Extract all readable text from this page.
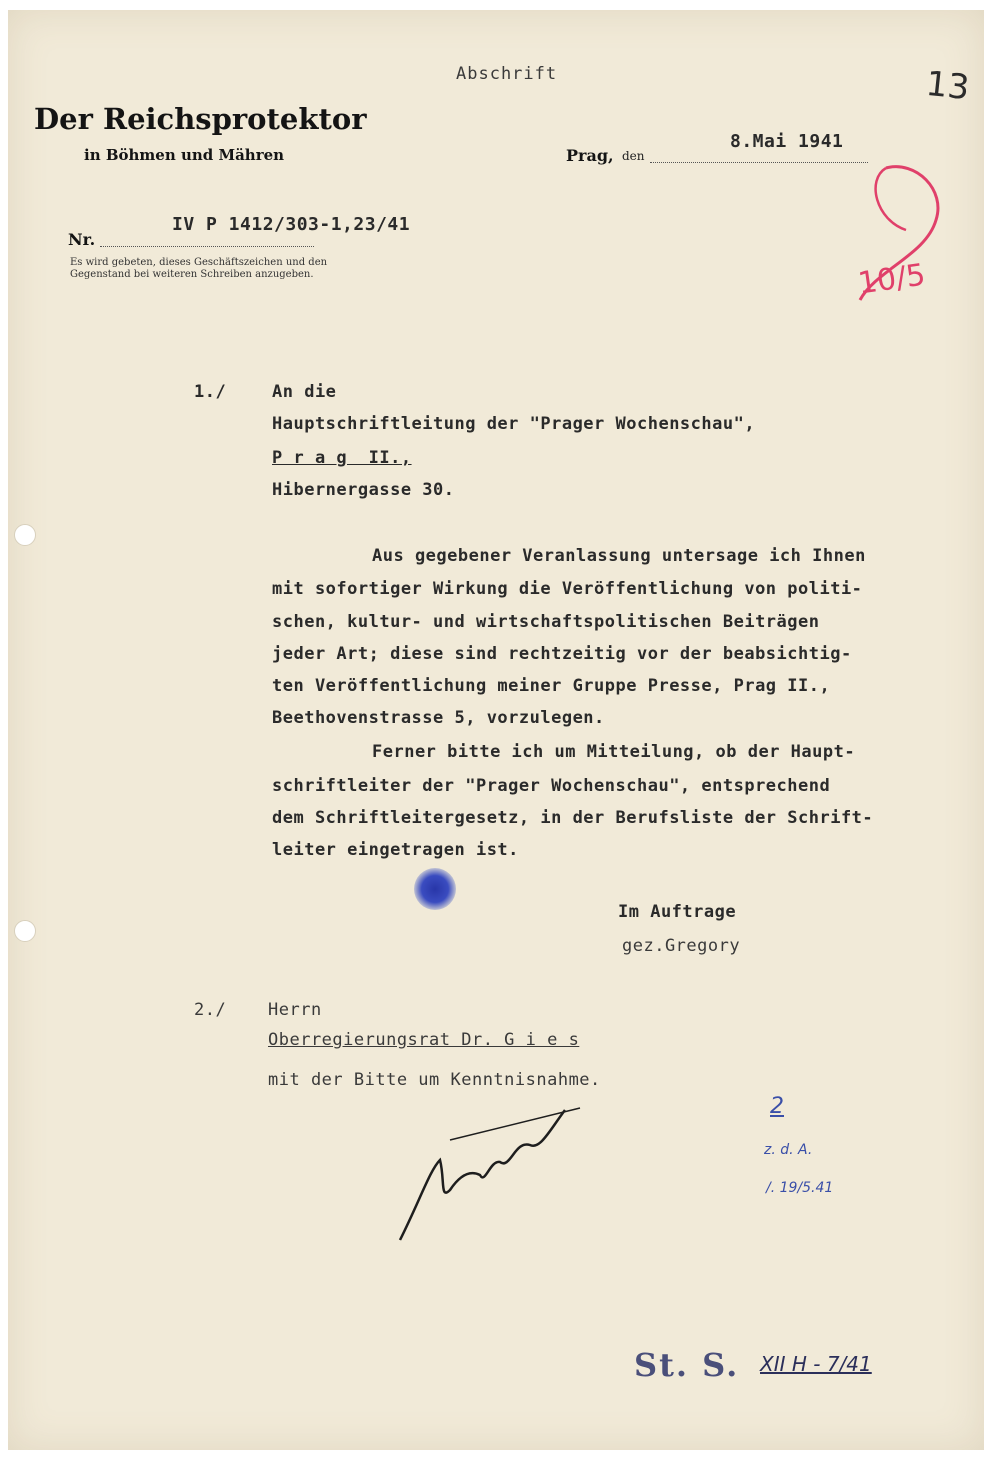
Abschrift	13
Der Reichsprotektor
in Böhmen und Mähren	Prag, den
8.Mai 1941
Nr.
IV P 1412/303-1,23/41
Es wird gebeten, dieses Geschäftszeichen und den
Gegenstand bei weiteren Schreiben anzugeben.	10/5
1./	An die
Hauptschriftleitung der "Prager Wochenschau",
P r a g  II.,
Hibernergasse 30.
Aus gegebener Veranlassung untersage ich Ihnen
mit sofortiger Wirkung die Veröffentlichung von politi-
schen, kultur- und wirtschaftspolitischen Beiträgen
jeder Art; diese sind rechtzeitig vor der beabsichtig-
ten Veröffentlichung meiner Gruppe Presse, Prag II.,
Beethovenstrasse 5, vorzulegen.
Ferner bitte ich um Mitteilung, ob der Haupt-
schriftleiter der "Prager Wochenschau", entsprechend
dem Schriftleitergesetz, in der Berufsliste der Schrift-
leiter eingetragen ist.
Im Auftrage
gez.Gregory
2./ Herrn
Oberregierungsrat Dr. G i e s
mit der Bitte um Kenntnisnahme.
2
z. d. A.
/. 19/5.41
St. S. XII H - 7/41
